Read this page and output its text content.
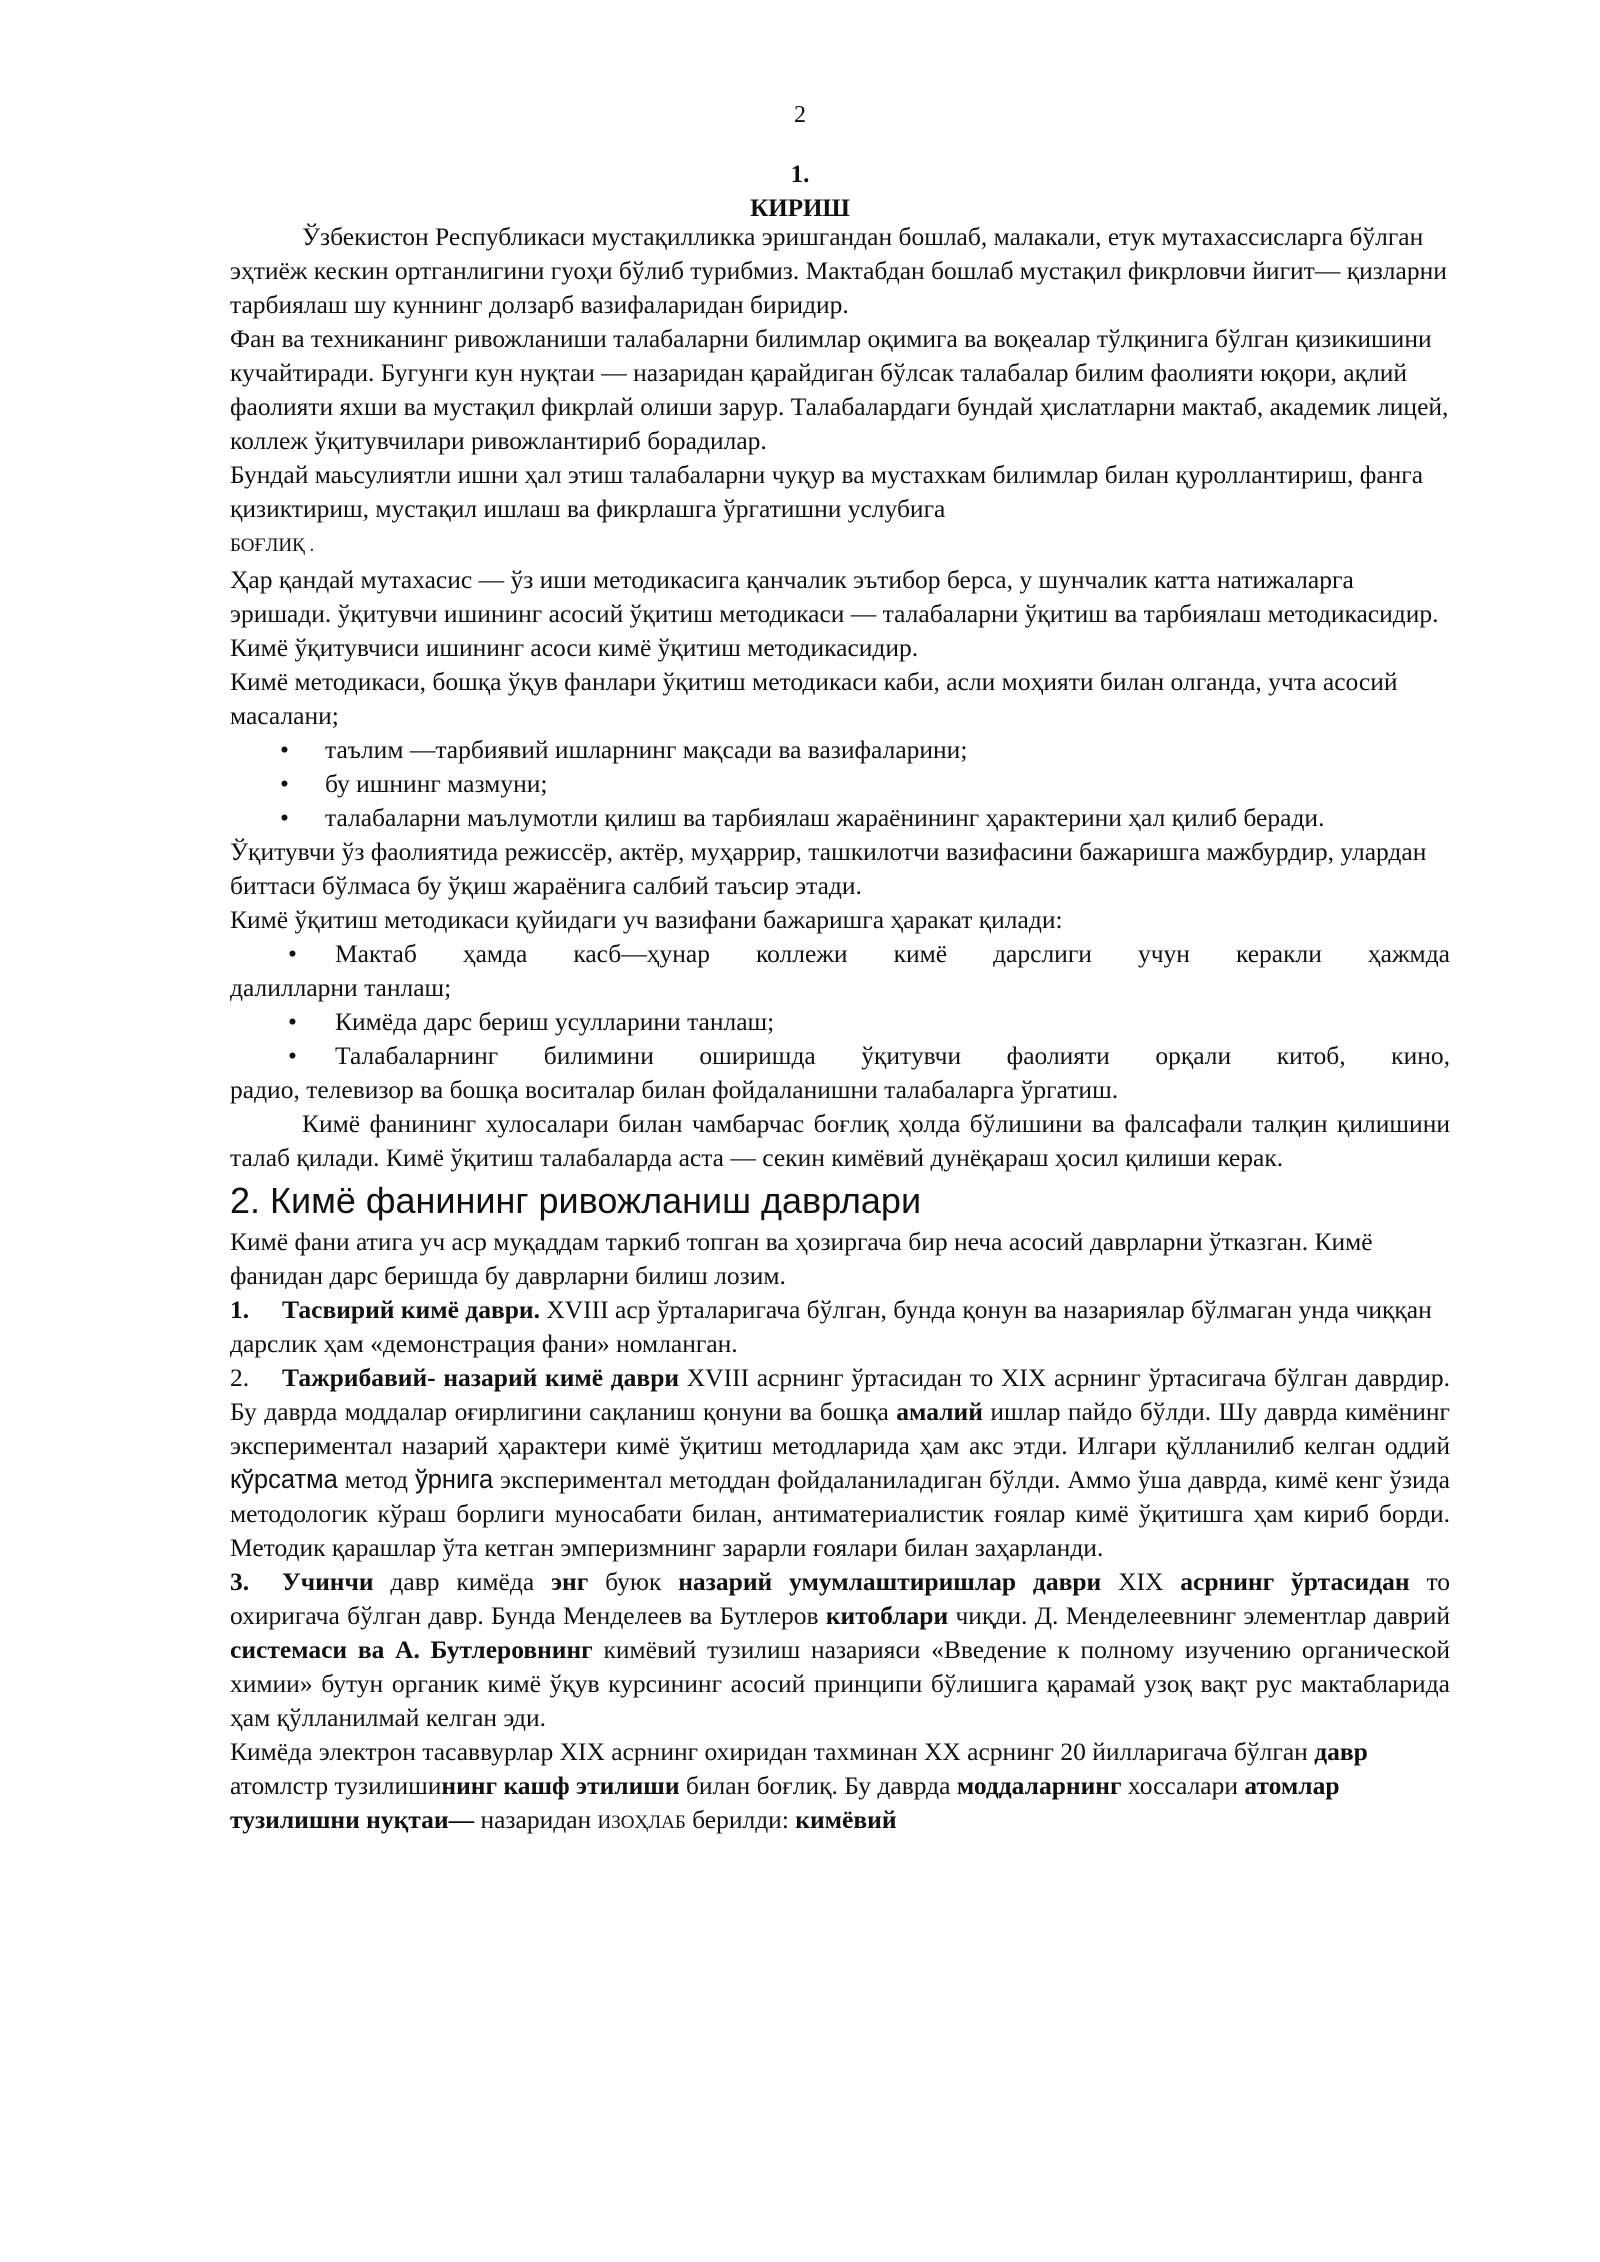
2
1.
КИРИШ

Ўзбекистон Республикаси мустақилликка эришгандан бошлаб, малакали, етук мутахассисларга бўлган эҳтиёж кескин ортганлигини гуоҳи бўлиб турибмиз. Мактабдан бошлаб мустақил фикрловчи йигит— қизларни тарбиялаш шу куннинг долзарб вазифаларидан биридир.

Фан ва техниканинг ривожланиши талабаларни билимлар оқимига ва воқеалар тўлқинига бўлган қизикишини кучайтиради. Бугунги кун нуқтаи — назаридан қарайдиган бўлсак талабалар билим фаолияти юқори, ақлий фаолияти яхши ва мустақил фикрлай олиши зарур. Талабалардаги бундай ҳислатларни мактаб, академик лицей, коллеж ўқитувчилари ривожлантириб борадилар.

Бундай маьсулиятли ишни ҳал этиш талабаларни чуқур ва мустахкам билимлар билан қуроллантириш, фанга қизиктириш, мустақил ишлаш ва фикрлашга ўргатишни услубига
БОҒЛИҚ .

Ҳар қандай мутахасис — ўз иши методикасига қанчалик эътибор берса, у шунчалик катта натижаларга эришади. ўқитувчи ишининг асосий ўқитиш методикаси — талабаларни ўқитиш ва тарбиялаш методикасидир. Кимё ўқитувчиси ишининг асоси кимё ўқитиш методикасидир.

Кимё методикаси, бошқа ўқув фанлари ўқитиш методикаси каби, асли моҳияти билан олганда, учта асосий масалани;

• таълим —тарбиявий ишларнинг мақсади ва вазифаларини;
• бу ишнинг мазмуни;
• талабаларни маълумотли қилиш ва тарбиялаш жараёнининг ҳарактерини ҳал қилиб беради.

Ўқитувчи ўз фаолиятида режиссёр, актёр, муҳаррир, ташкилотчи вазифасини бажаришга мажбурдир, улардан биттаси бўлмаса бу ўқиш жараёнига салбий таъсир этади.

Кимё ўқитиш методикаси қуйидаги уч вазифани бажаришга ҳаракат қилади:

• Мактаб ҳамда касб—ҳунар коллежи кимё дарслиги учун керакли ҳажмда
далилларни танлаш;
• Кимёда дарс бериш усулларини танлаш;
• Талабаларнинг билимини оширишда ўқитувчи фаолияти орқали китоб, кино,
радио, телевизор ва бошқа воситалар билан фойдаланишни талабаларга ўргатиш.

Кимё фанининг хулосалари билан чамбарчас боғлиқ ҳолда бўлишини ва фалсафали талқин қилишини талаб қилади. Кимё ўқитиш талабаларда аста — секин кимёвий дунёқараш ҳосил қилиши керак.

2. Кимё фанининг ривожланиш даврлари

Кимё фани атига уч аср муқаддам таркиб топган ва ҳозиргача бир неча асосий даврларни ўтказган. Кимё фанидан дарс беришда бу даврларни билиш лозим.

1. Тасвирий кимё даври. XVIII аср ўрталаригача бўлган, бунда қонун ва назариялар бўлмаган унда чиққан дарслик ҳам «демонстрация фани» номланган.

2. Тажрибавий- назарий кимё даври XVIII асрнинг ўртасидан то XIX асрнинг ўртасигача бўлган даврдир. Бу даврда моддалар оғирлигини сақланиш қонуни ва бошқа амалий ишлар пайдо бўлди. Шу даврда кимёнинг экспериментал назарий ҳарактери кимё ўқитиш методларида ҳам акс этди. Илгари қўлланилиб келган оддий кўрсатма метод ўрнига экспериментал методдан фойдаланиладиган бўлди. Аммо ўша даврда, кимё кенг ўзида методологик кўраш борлиги муносабати билан, антиматериалистик ғоялар кимё ўқитишга ҳам кириб борди. Методик қарашлар ўта кетган эмперизмнинг зарарли ғоялари билан заҳарланди.

3. Учинчи давр кимёда энг буюк назарий умумлаштиришлар даври XIX асрнинг ўртасидан то охиригача бўлган давр. Бунда Менделеев ва Бутлеров китоблари чиқди. Д. Менделеевнинг элементлар даврий системаси ва А. Бутлеровнинг кимёвий тузилиш назарияси «Введение к полному изучению органической химии» бутун органик кимё ўқув курсининг асосий принципи бўлишига қарамай узоқ вақт рус мактабларида ҳам қўлланилмай келган эди.

Кимёда электрон тасаввурлар XIX асрнинг охиридан тахминан XX асрнинг 20 йилларигача бўлган давр атомлстр тузилишининг кашф этилиши билан боғлиқ. Бу даврда моддаларнинг хоссалари атомлар тузилишни нуқтаи— назаридан ИЗОҲЛАБ берилди: кимёвий
